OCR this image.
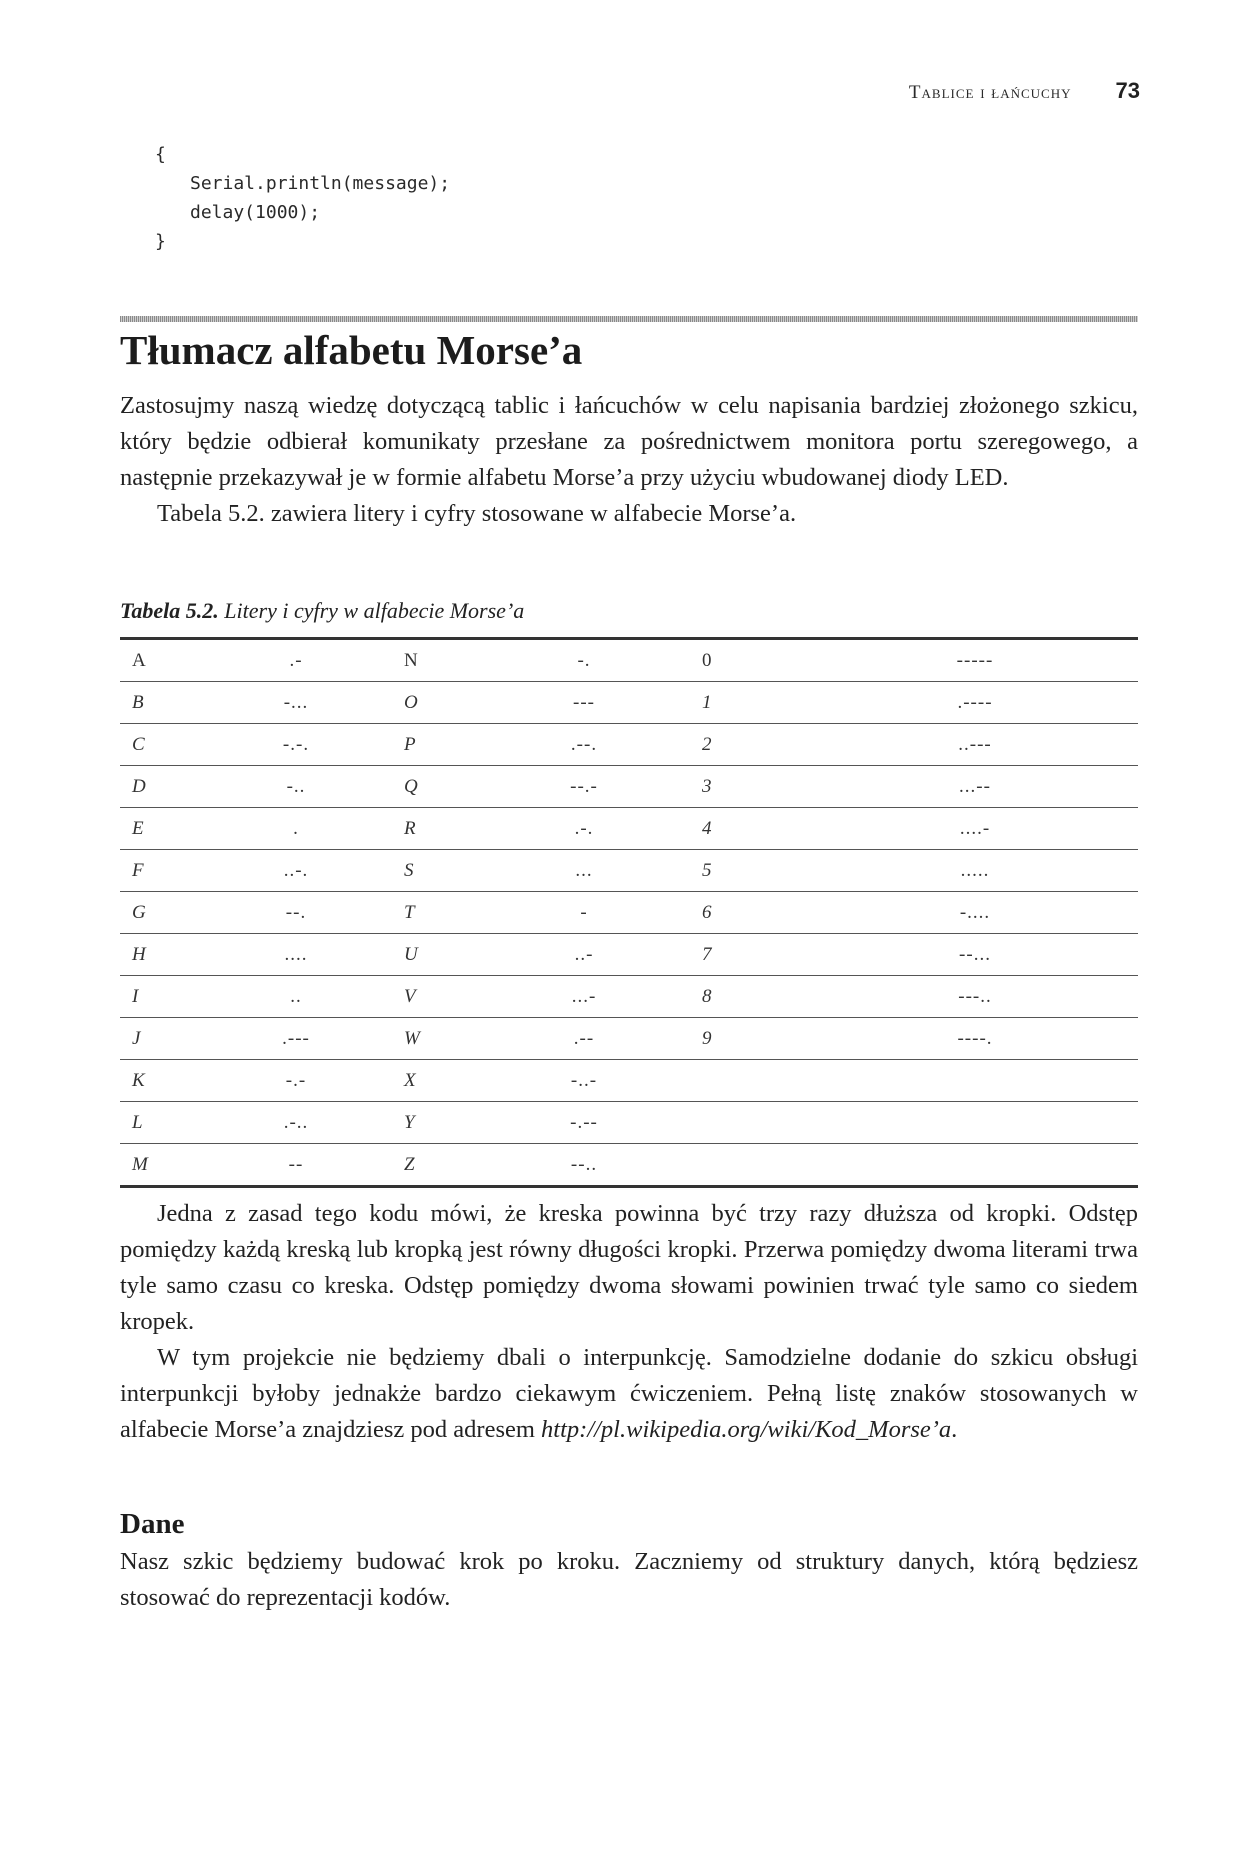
Tablice i łańcuchy 73
{
Serial.println(message);
delay(1000);
}
Tłumacz alfabetu Morse’a

Zastosujmy naszą wiedzę dotyczącą tablic i łańcuchów w celu napisania bardziej złożonego szkicu, który będzie odbierał komunikaty przesłane za pośrednictwem monitora portu szeregowego, a następnie przekazywał je w formie alfabetu Morse’a przy użyciu wbudowanej diody LED.

Tabela 5.2. zawiera litery i cyfry stosowane w alfabecie Morse’a.

Tabela 5.2. Litery i cyfry w alfabecie Morse’a
A	.-	N	-.	0	-----
B	-...	O	---	1	.----
C	-.-.	P	.--.	2	..---
D	-..	Q	--.-	3	...--
E	.	R	.-.	4	....-
F	..-.	S	...	5	.....
G	--.	T	-	6	-....
H	....	U	..-	7	--...
I	..	V	...-	8	---..
J	.---	W	.--	9	----.
K	-.-	X	-..-		
L	.-..	Y	-.--		
M	--	Z	--..		

Jedna z zasad tego kodu mówi, że kreska powinna być trzy razy dłuższa od kropki. Odstęp pomiędzy każdą kreską lub kropką jest równy długości kropki. Przerwa pomiędzy dwoma literami trwa tyle samo czasu co kreska. Odstęp pomiędzy dwoma słowami powinien trwać tyle samo co siedem kropek.

W tym projekcie nie będziemy dbali o interpunkcję. Samodzielne dodanie do szkicu obsługi interpunkcji byłoby jednakże bardzo ciekawym ćwiczeniem. Pełną listę znaków stosowanych w alfabecie Morse’a znajdziesz pod adresem http://pl.wikipedia.org/wiki/Kod_Morse’a.

Dane

Nasz szkic będziemy budować krok po kroku. Zaczniemy od struktury danych, którą będziesz stosować do reprezentacji kodów.
